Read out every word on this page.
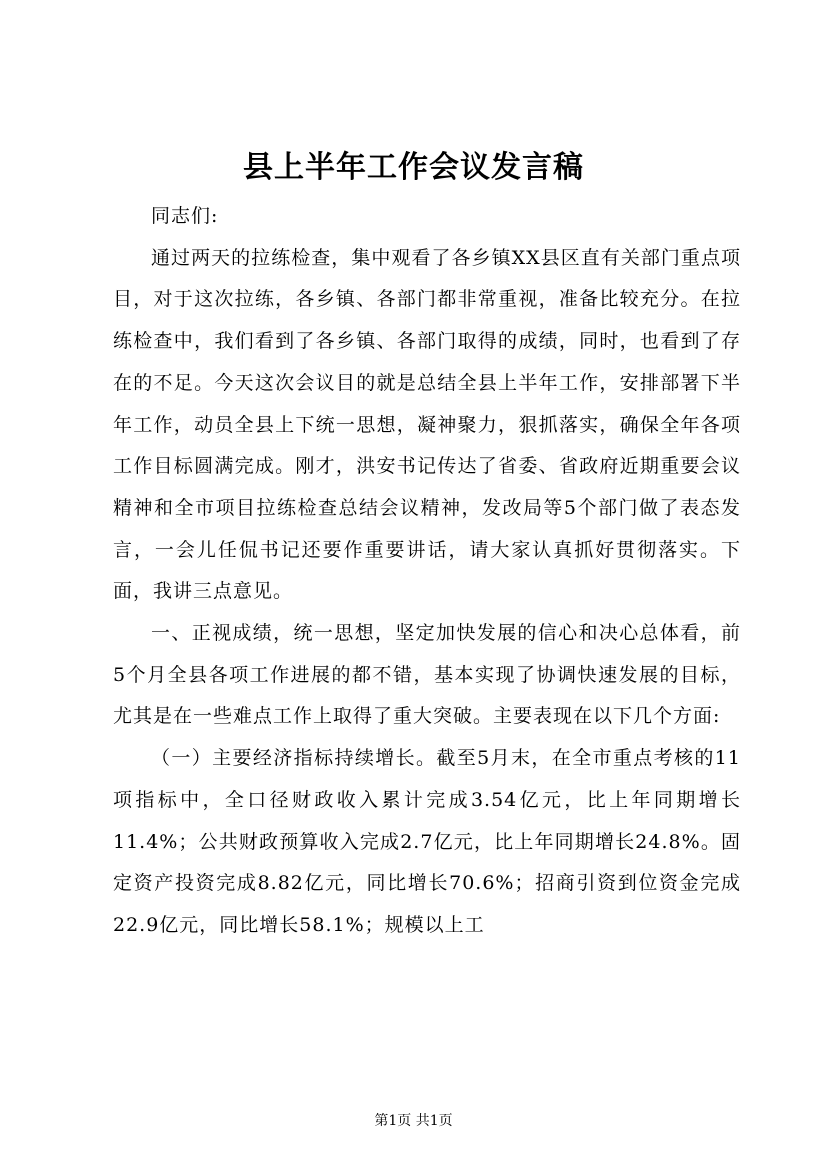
县上半年工作会议发言稿

同志们:

通过两天的拉练检查，集中观看了各乡镇XX县区直有关部门重点项目，对于这次拉练，各乡镇、各部门都非常重视，准备比较充分。在拉练检查中，我们看到了各乡镇、各部门取得的成绩，同时，也看到了存在的不足。今天这次会议目的就是总结全县上半年工作，安排部署下半年工作，动员全县上下统一思想，凝神聚力，狠抓落实，确保全年各项工作目标圆满完成。刚才，洪安书记传达了省委、省政府近期重要会议精神和全市项目拉练检查总结会议精神，发改局等5个部门做了表态发言，一会儿任侃书记还要作重要讲话，请大家认真抓好贯彻落实。下面，我讲三点意见。

一、正视成绩，统一思想，坚定加快发展的信心和决心总体看，前5个月全县各项工作进展的都不错，基本实现了协调快速发展的目标，尤其是在一些难点工作上取得了重大突破。主要表现在以下几个方面:

（一）主要经济指标持续增长。截至5月末，在全市重点考核的11项指标中，全口径财政收入累计完成3.54亿元，比上年同期增长11.4%；公共财政预算收入完成2.7亿元，比上年同期增长24.8%。固定资产投资完成8.82亿元，同比增长70.6%；招商引资到位资金完成22.9亿元，同比增长58.1%；规模以上工

第1页 共1页
